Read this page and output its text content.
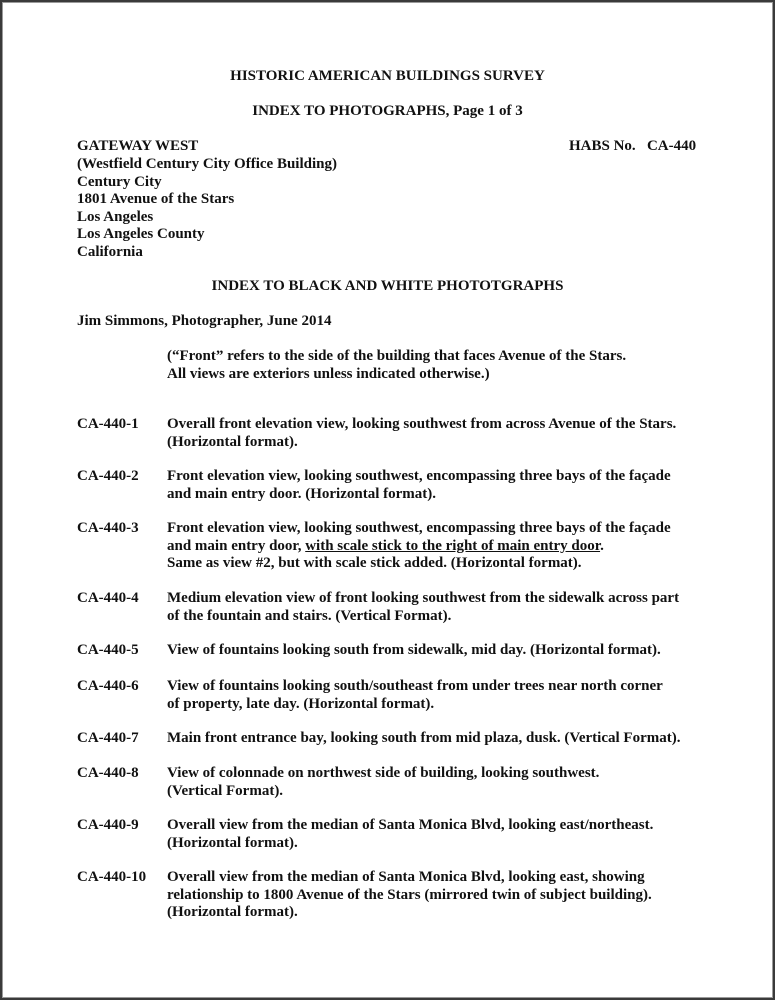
HISTORIC AMERICAN BUILDINGS SURVEY
INDEX TO PHOTOGRAPHS, Page 1 of 3
GATEWAY WEST	HABS No. CA-440
(Westfield Century City Office Building)
Century City
1801 Avenue of the Stars
Los Angeles
Los Angeles County
California
INDEX TO BLACK AND WHITE PHOTOTGRAPHS
Jim Simmons, Photographer, June 2014
(“Front” refers to the side of the building that faces Avenue of the Stars.
All views are exteriors unless indicated otherwise.)
CA-440-1 Overall front elevation view, looking southwest from across Avenue of the Stars.
(Horizontal format).
CA-440-2 Front elevation view, looking southwest, encompassing three bays of the façade
and main entry door. (Horizontal format).
CA-440-3 Front elevation view, looking southwest, encompassing three bays of the façade
and main entry door, with scale stick to the right of main entry door.
Same as view #2, but with scale stick added. (Horizontal format).
CA-440-4 Medium elevation view of front looking southwest from the sidewalk across part
of the fountain and stairs. (Vertical Format).
CA-440-5 View of fountains looking south from sidewalk, mid day. (Horizontal format).
CA-440-6 View of fountains looking south/southeast from under trees near north corner
of property, late day. (Horizontal format).
CA-440-7 Main front entrance bay, looking south from mid plaza, dusk. (Vertical Format).
CA-440-8 View of colonnade on northwest side of building, looking southwest.
(Vertical Format).
CA-440-9 Overall view from the median of Santa Monica Blvd, looking east/northeast.
(Horizontal format).
CA-440-10 Overall view from the median of Santa Monica Blvd, looking east, showing
relationship to 1800 Avenue of the Stars (mirrored twin of subject building).
(Horizontal format).
